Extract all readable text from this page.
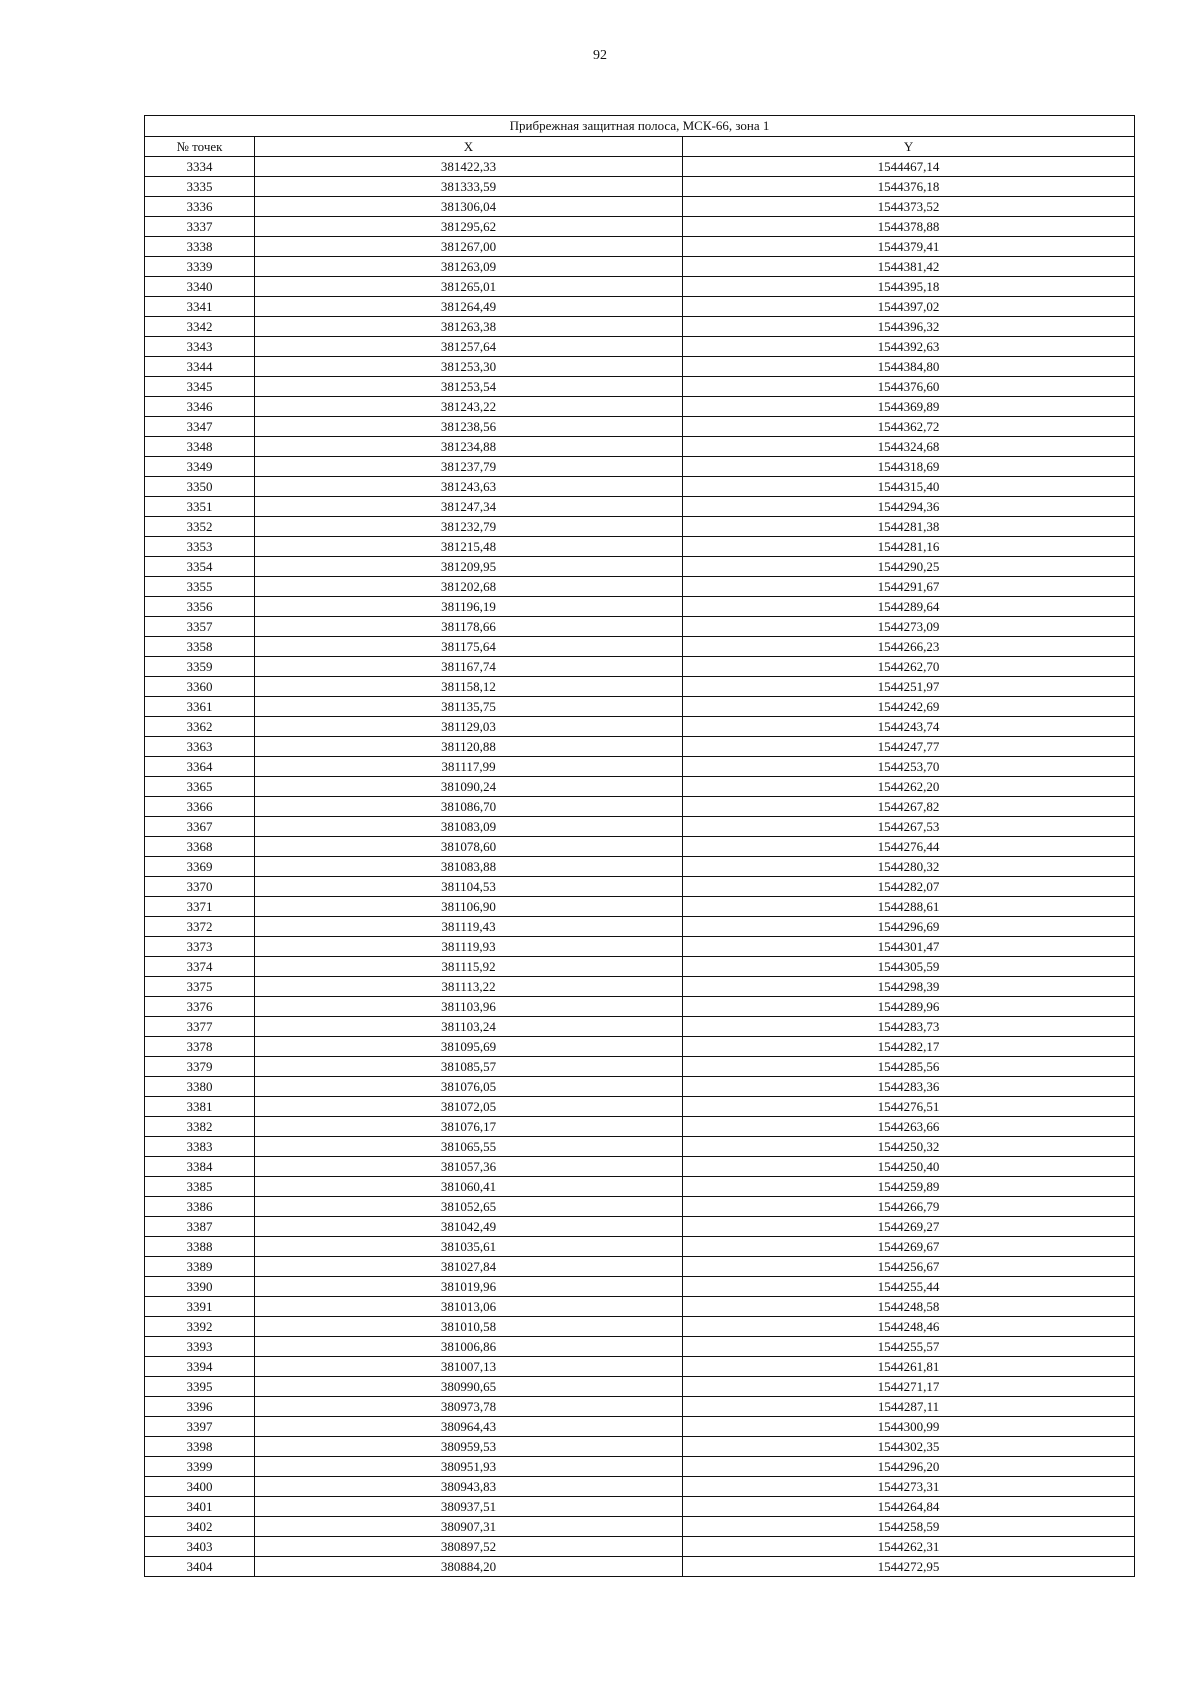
92
Прибрежная защитная полоса, МСК-66, зона 1		
№ точек	X	Y
3334	381422,33	1544467,14
3335	381333,59	1544376,18
3336	381306,04	1544373,52
3337	381295,62	1544378,88
3338	381267,00	1544379,41
3339	381263,09	1544381,42
3340	381265,01	1544395,18
3341	381264,49	1544397,02
3342	381263,38	1544396,32
3343	381257,64	1544392,63
3344	381253,30	1544384,80
3345	381253,54	1544376,60
3346	381243,22	1544369,89
3347	381238,56	1544362,72
3348	381234,88	1544324,68
3349	381237,79	1544318,69
3350	381243,63	1544315,40
3351	381247,34	1544294,36
3352	381232,79	1544281,38
3353	381215,48	1544281,16
3354	381209,95	1544290,25
3355	381202,68	1544291,67
3356	381196,19	1544289,64
3357	381178,66	1544273,09
3358	381175,64	1544266,23
3359	381167,74	1544262,70
3360	381158,12	1544251,97
3361	381135,75	1544242,69
3362	381129,03	1544243,74
3363	381120,88	1544247,77
3364	381117,99	1544253,70
3365	381090,24	1544262,20
3366	381086,70	1544267,82
3367	381083,09	1544267,53
3368	381078,60	1544276,44
3369	381083,88	1544280,32
3370	381104,53	1544282,07
3371	381106,90	1544288,61
3372	381119,43	1544296,69
3373	381119,93	1544301,47
3374	381115,92	1544305,59
3375	381113,22	1544298,39
3376	381103,96	1544289,96
3377	381103,24	1544283,73
3378	381095,69	1544282,17
3379	381085,57	1544285,56
3380	381076,05	1544283,36
3381	381072,05	1544276,51
3382	381076,17	1544263,66
3383	381065,55	1544250,32
3384	381057,36	1544250,40
3385	381060,41	1544259,89
3386	381052,65	1544266,79
3387	381042,49	1544269,27
3388	381035,61	1544269,67
3389	381027,84	1544256,67
3390	381019,96	1544255,44
3391	381013,06	1544248,58
3392	381010,58	1544248,46
3393	381006,86	1544255,57
3394	381007,13	1544261,81
3395	380990,65	1544271,17
3396	380973,78	1544287,11
3397	380964,43	1544300,99
3398	380959,53	1544302,35
3399	380951,93	1544296,20
3400	380943,83	1544273,31
3401	380937,51	1544264,84
3402	380907,31	1544258,59
3403	380897,52	1544262,31
3404	380884,20	1544272,95
